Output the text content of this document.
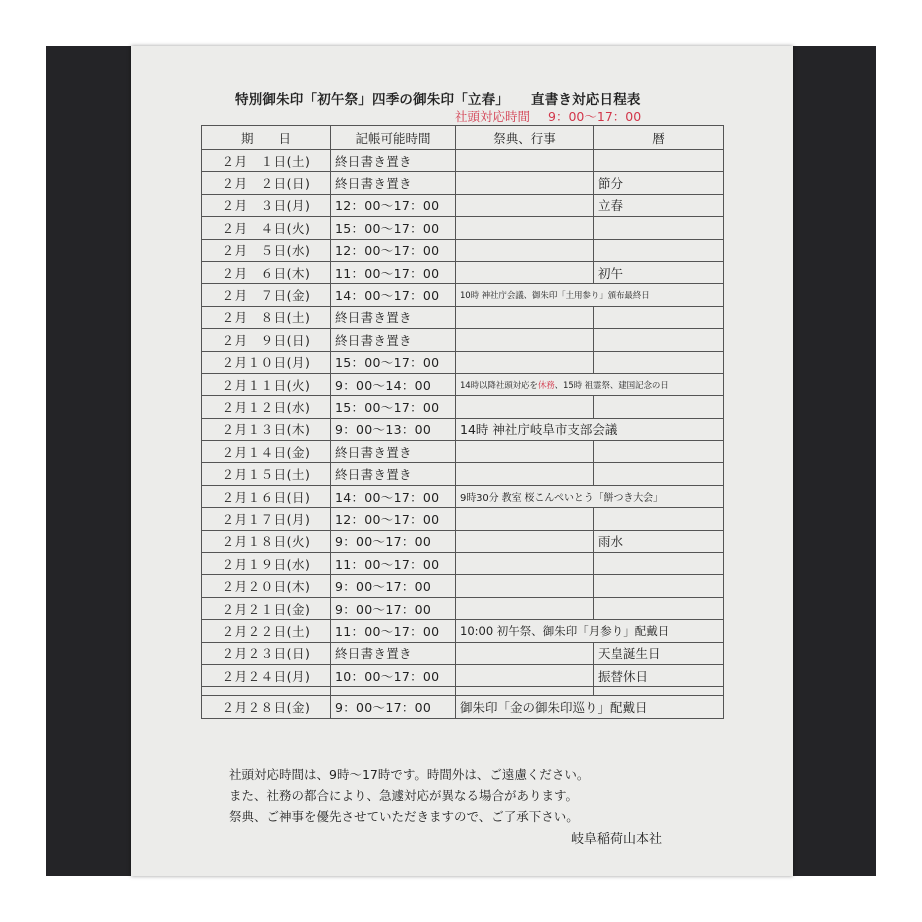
特別御朱印「初午祭」四季の御朱印「立春」 直書き対応日程表
社頭対応時間 9：00～17：00
期　　日	記帳可能時間	祭典、行事	暦
２月　１日(土)	終日書き置き		
２月　２日(日)	終日書き置き		節分
２月　３日(月)	12：00～17：00		立春
２月　４日(火)	15：00～17：00		
２月　５日(水)	12：00～17：00		
２月　６日(木)	11：00～17：00		初午
２月　７日(金)	14：00～17：00	10時 神社庁会議、御朱印「土用参り」頒布最終日	
２月　８日(土)	終日書き置き		
２月　９日(日)	終日書き置き		
２月１０日(月)	15：00～17：00		
２月１１日(火)	9：00～14：00	14時以降社頭対応を休務、15時 祖霊祭、建国記念の日	
２月１２日(水)	15：00～17：00		
２月１３日(木)	9：00～13：00	14時 神社庁岐阜市支部会議	
２月１４日(金)	終日書き置き		
２月１５日(土)	終日書き置き		
２月１６日(日)	14：00～17：00	9時30分 教室 桜こんぺいとう「餅つき大会」	
２月１７日(月)	12：00～17：00		
２月１８日(火)	9：00～17：00		雨水
２月１９日(水)	11：00～17：00		
２月２０日(木)	9：00～17：00		
２月２１日(金)	9：00～17：00		
２月２２日(土)	11：00～17：00	10:00 初午祭、御朱印「月参り」配戴日	
２月２３日(日)	終日書き置き		天皇誕生日
２月２４日(月)	10：00～17：00		振替休日

２月２８日(金)	9：00～17：00	御朱印「金の御朱印巡り」配戴日	
社頭対応時間は、9時～17時です。時間外は、ご遠慮ください。
また、社務の都合により、急遽対応が異なる場合があります。
祭典、ご神事を優先させていただきますので、ご了承下さい。
岐阜稲荷山本社
